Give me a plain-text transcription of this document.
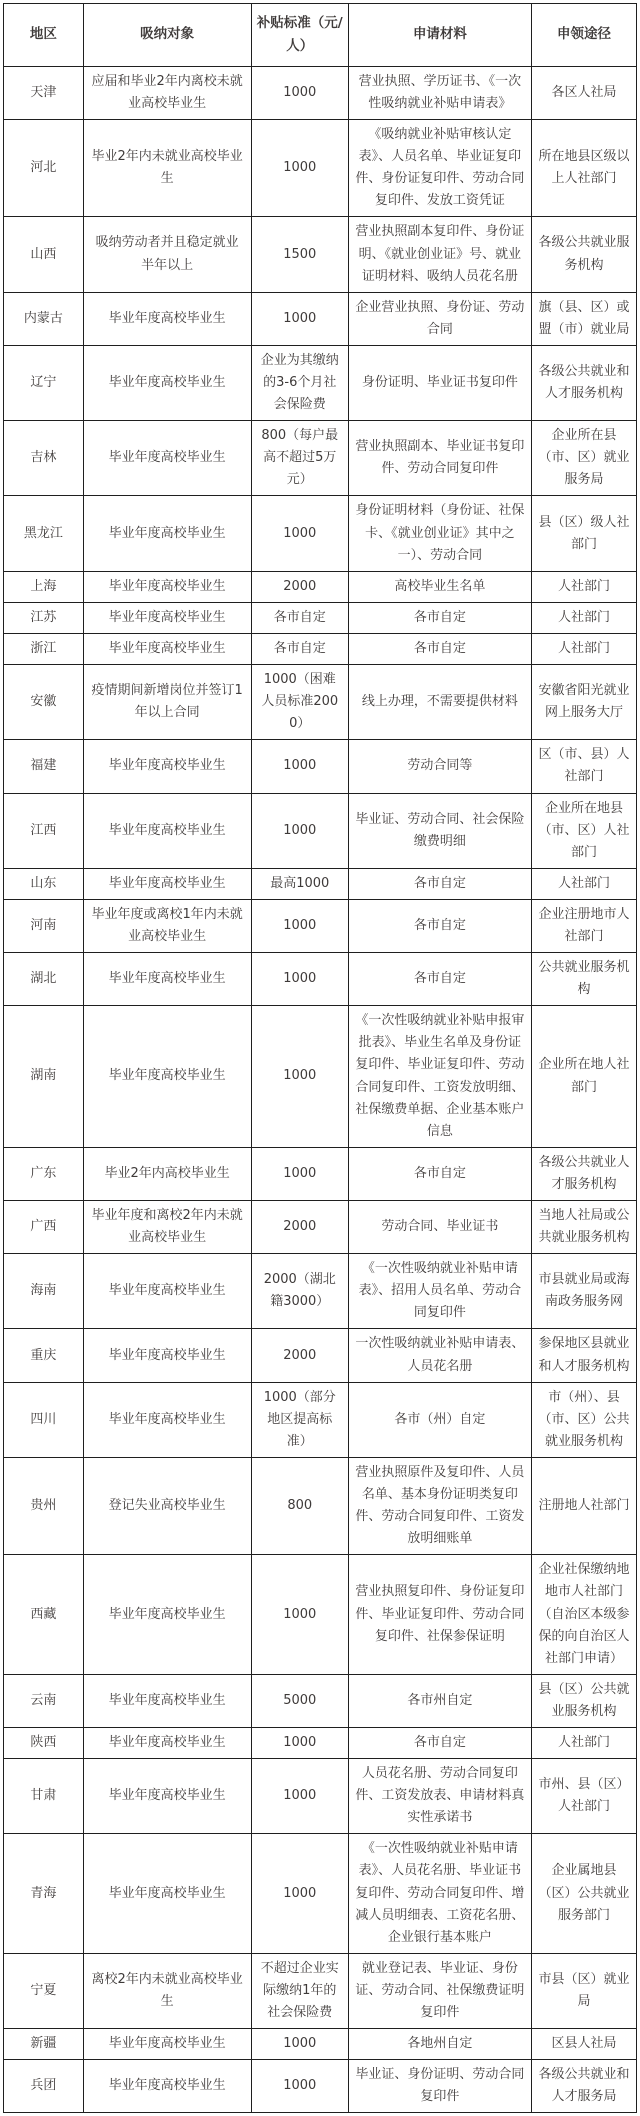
地区	吸纳对象	补贴标准（元/人）	申请材料	申领途径
天津	应届和毕业2年内离校未就业高校毕业生	1000	营业执照、学历证书、《一次性吸纳就业补贴申请表》	各区人社局
河北	毕业2年内未就业高校毕业生	1000	《吸纳就业补贴审核认定表》、人员名单、毕业证复印件、身份证复印件、劳动合同复印件、发放工资凭证	所在地县区级以上人社部门
山西	吸纳劳动者并且稳定就业半年以上	1500	营业执照副本复印件、身份证明、《就业创业证》号、就业证明材料、吸纳人员花名册	各级公共就业服务机构
内蒙古	毕业年度高校毕业生	1000	企业营业执照、身份证、劳动合同	旗（县、区）或盟（市）就业局
辽宁	毕业年度高校毕业生	企业为其缴纳的3-6个月社会保险费	身份证明、毕业证书复印件	各级公共就业和人才服务机构
吉林	毕业年度高校毕业生	800（每户最高不超过5万元）	营业执照副本、毕业证书复印件、劳动合同复印件	企业所在县（市、区）就业服务局
黑龙江	毕业年度高校毕业生	1000	身份证明材料（身份证、社保卡、《就业创业证》其中之一）、劳动合同	县（区）级人社部门
上海	毕业年度高校毕业生	2000	高校毕业生名单	人社部门
江苏	毕业年度高校毕业生	各市自定	各市自定	人社部门
浙江	毕业年度高校毕业生	各市自定	各市自定	人社部门
安徽	疫情期间新增岗位并签订1年以上合同	1000（困难人员标准2000）	线上办理，不需要提供材料	安徽省阳光就业网上服务大厅
福建	毕业年度高校毕业生	1000	劳动合同等	区（市、县）人社部门
江西	毕业年度高校毕业生	1000	毕业证、劳动合同、社会保险缴费明细	企业所在地县（市、区）人社部门
山东	毕业年度高校毕业生	最高1000	各市自定	人社部门
河南	毕业年度或离校1年内未就业高校毕业生	1000	各市自定	企业注册地市人社部门
湖北	毕业年度高校毕业生	1000	各市自定	公共就业服务机构
湖南	毕业年度高校毕业生	1000	《一次性吸纳就业补贴申报审批表》、毕业生名单及身份证复印件、毕业证复印件、劳动合同复印件、工资发放明细、社保缴费单据、企业基本账户信息	企业所在地人社部门
广东	毕业2年内高校毕业生	1000	各市自定	各级公共就业人才服务机构
广西	毕业年度和离校2年内未就业高校毕业生	2000	劳动合同、毕业证书	当地人社局或公共就业服务机构
海南	毕业年度高校毕业生	2000（湖北籍3000）	《一次性吸纳就业补贴申请表》、招用人员名单、劳动合同复印件	市县就业局或海南政务服务网
重庆	毕业年度高校毕业生	2000	一次性吸纳就业补贴申请表、人员花名册	参保地区县就业和人才服务机构
四川	毕业年度高校毕业生	1000（部分地区提高标准）	各市（州）自定	市（州）、县（市、区）公共就业服务机构
贵州	登记失业高校毕业生	800	营业执照原件及复印件、人员名单、基本身份证明类复印件、劳动合同复印件、工资发放明细账单	注册地人社部门
西藏	毕业年度高校毕业生	1000	营业执照复印件、身份证复印件、毕业证复印件、劳动合同复印件、社保参保证明	企业社保缴纳地地市人社部门（自治区本级参保的向自治区人社部门申请）
云南	毕业年度高校毕业生	5000	各市州自定	县（区）公共就业服务机构
陕西	毕业年度高校毕业生	1000	各市自定	人社部门
甘肃	毕业年度高校毕业生	1000	人员花名册、劳动合同复印件、工资发放表、申请材料真实性承诺书	市州、县（区）人社部门
青海	毕业年度高校毕业生	1000	《一次性吸纳就业补贴申请表》、人员花名册、毕业证书复印件、劳动合同复印件、增减人员明细表、工资花名册、企业银行基本账户	企业属地县（区）公共就业服务部门
宁夏	离校2年内未就业高校毕业生	不超过企业实际缴纳1年的社会保险费	就业登记表、毕业证、身份证、劳动合同、社保缴费证明复印件	市县（区）就业局
新疆	毕业年度高校毕业生	1000	各地州自定	区县人社局
兵团	毕业年度高校毕业生	1000	毕业证、身份证明、劳动合同复印件	各级公共就业和人才服务局
